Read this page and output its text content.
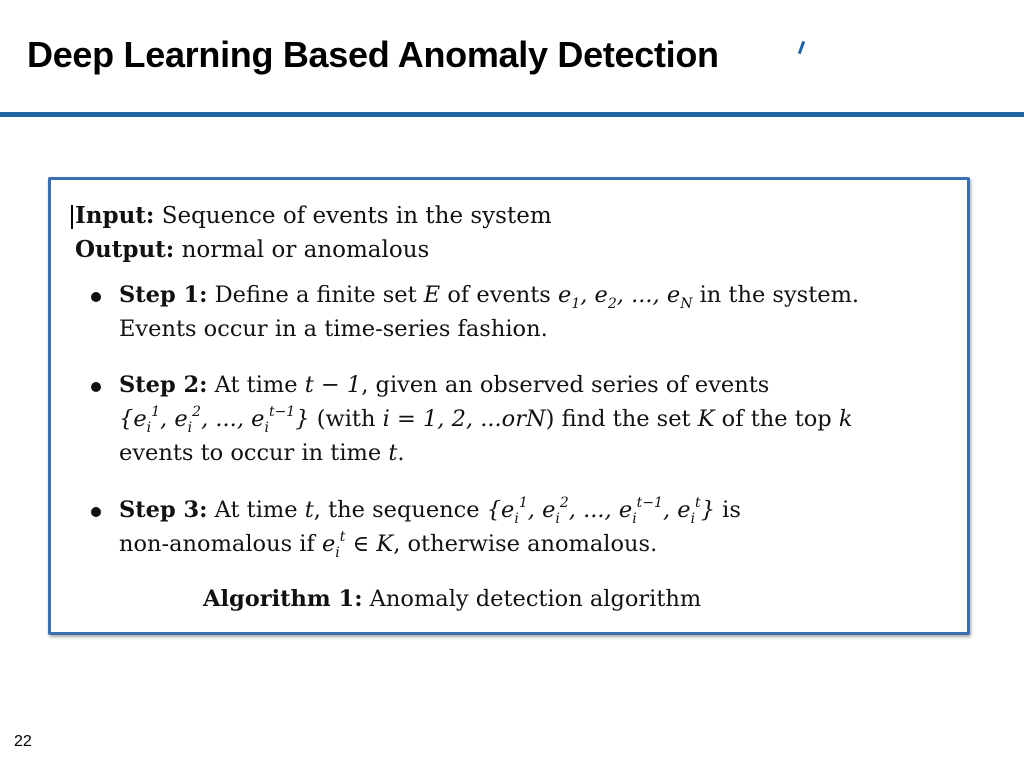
Deep Learning Based Anomaly Detection
Input: Sequence of events in the system
Output: normal or anomalous
Step 1: Define a finite set E of events $e_1$, $e_2$, ..., $e_N$ in the system.
Events occur in a time-series fashion.
Step 2: At time t − 1, given an observed series of events
{$e_i^1$, $e_i^2$, ..., $e_i^{t-1}$} (with i = 1, 2, ...orN) find the set K of the top k
events to occur in time t.
Step 3: At time t, the sequence {$e_i^1$, $e_i^2$, ..., $e_i^{t-1}$, $e_i^t$} is
non-anomalous if $e_i^t$ ∈ K, otherwise anomalous.
Algorithm 1: Anomaly detection algorithm
22
